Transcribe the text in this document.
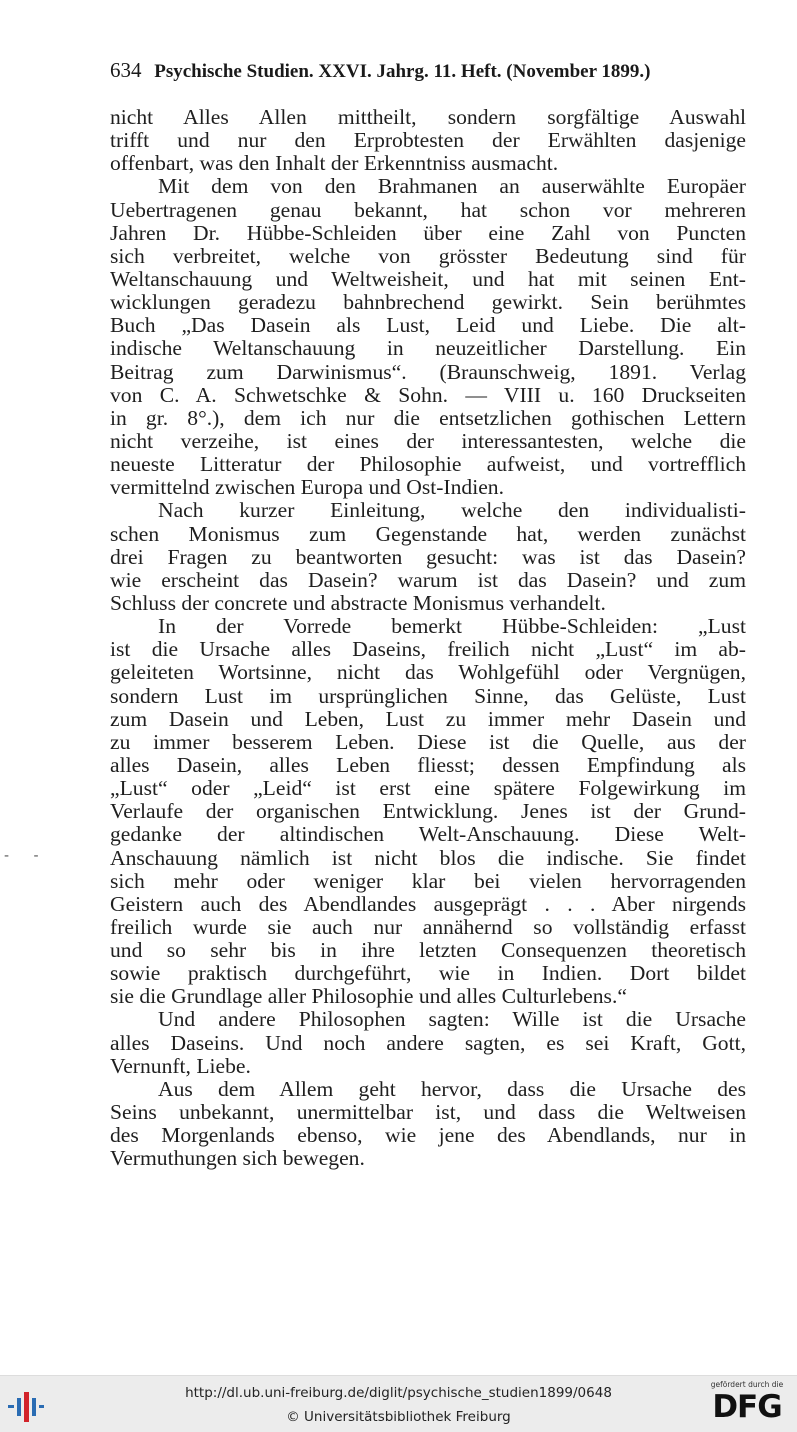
634 Psychische Studien. XXVI. Jahrg. 11. Heft. (November 1899.)
- -
nicht Alles Allen mittheilt, sondern sorgfältige Auswahl
trifft und nur den Erprobtesten der Erwählten dasjenige
offenbart, was den Inhalt der Erkenntniss ausmacht.
Mit dem von den Brahmanen an auserwählte Europäer
Uebertragenen genau bekannt, hat schon vor mehreren
Jahren Dr. Hübbe-Schleiden über eine Zahl von Puncten
sich verbreitet, welche von grösster Bedeutung sind für
Weltanschauung und Weltweisheit, und hat mit seinen Ent-
wicklungen geradezu bahnbrechend gewirkt. Sein berühmtes
Buch „Das Dasein als Lust, Leid und Liebe. Die alt-
indische Weltanschauung in neuzeitlicher Darstellung. Ein
Beitrag zum Darwinismus“. (Braunschweig, 1891. Verlag
von C. A. Schwetschke & Sohn. — VIII u. 160 Druckseiten
in gr. 8°.), dem ich nur die entsetzlichen gothischen Lettern
nicht verzeihe, ist eines der interessantesten, welche die
neueste Litteratur der Philosophie aufweist, und vortrefflich
vermittelnd zwischen Europa und Ost-Indien.
Nach kurzer Einleitung, welche den individualisti-
schen Monismus zum Gegenstande hat, werden zunächst
drei Fragen zu beantworten gesucht: was ist das Dasein?
wie erscheint das Dasein? warum ist das Dasein? und zum
Schluss der concrete und abstracte Monismus verhandelt.
In der Vorrede bemerkt Hübbe-Schleiden: „Lust
ist die Ursache alles Daseins, freilich nicht „Lust“ im ab-
geleiteten Wortsinne, nicht das Wohlgefühl oder Vergnügen,
sondern Lust im ursprünglichen Sinne, das Gelüste, Lust
zum Dasein und Leben, Lust zu immer mehr Dasein und
zu immer besserem Leben. Diese ist die Quelle, aus der
alles Dasein, alles Leben fliesst; dessen Empfindung als
„Lust“ oder „Leid“ ist erst eine spätere Folgewirkung im
Verlaufe der organischen Entwicklung. Jenes ist der Grund-
gedanke der altindischen Welt-Anschauung. Diese Welt-
Anschauung nämlich ist nicht blos die indische. Sie findet
sich mehr oder weniger klar bei vielen hervorragenden
Geistern auch des Abendlandes ausgeprägt . . . Aber nirgends
freilich wurde sie auch nur annähernd so vollständig erfasst
und so sehr bis in ihre letzten Consequenzen theoretisch
sowie praktisch durchgeführt, wie in Indien. Dort bildet
sie die Grundlage aller Philosophie und alles Culturlebens.“
Und andere Philosophen sagten: Wille ist die Ursache
alles Daseins. Und noch andere sagten, es sei Kraft, Gott,
Vernunft, Liebe.
Aus dem Allem geht hervor, dass die Ursache des
Seins unbekannt, unermittelbar ist, und dass die Weltweisen
des Morgenlands ebenso, wie jene des Abendlands, nur in
Vermuthungen sich bewegen.
http://dl.ub.uni-freiburg.de/diglit/psychische_studien1899/0648
© Universitätsbibliothek Freiburg
gefördert durch die
DFG
